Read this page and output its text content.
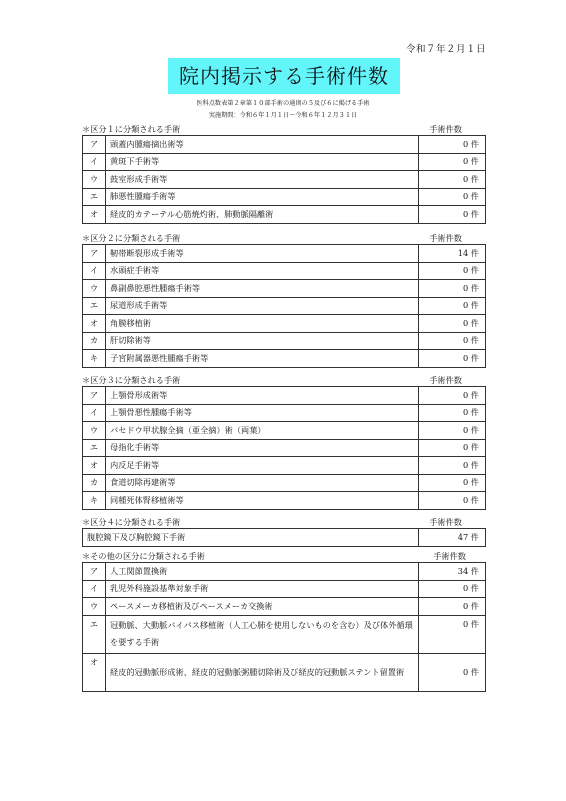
令和７年２月１日
院内掲示する手術件数
医科点数表第２章第１０部手術の通則の５及び６に掲げる手術
実施期間：令和６年１月１日〜令和６年１２月３１日
＊区分１に分類される手術	手術件数
ア	頭蓋内腫瘍摘出術等	0 件
イ	黄斑下手術等	0 件
ウ	鼓室形成手術等	0 件
エ	肺悪性腫瘍手術等	0 件
オ	経皮的カテーテル心筋焼灼術、肺動脈隔離術	0 件
＊区分２に分類される手術	手術件数
ア	靭帯断裂形成手術等	14 件
イ	水頭症手術等	0 件
ウ	鼻副鼻腔悪性腫瘍手術等	0 件
エ	尿道形成手術等	0 件
オ	角膜移植術	0 件
カ	肝切除術等	0 件
キ	子宮附属器悪性腫瘍手術等	0 件
＊区分３に分類される手術	手術件数
ア	上顎骨形成術等	0 件
イ	上顎骨悪性腫瘍手術等	0 件
ウ	バセドウ甲状腺全摘（亜全摘）術（両葉）	0 件
エ	母指化手術等	0 件
オ	内反足手術等	0 件
カ	食道切除再建術等	0 件
キ	同種死体腎移植術等	0 件
＊区分４に分類される手術	手術件数
腹腔鏡下及び胸腔鏡下手術	47 件
＊その他の区分に分類される手術	手術件数
ア	人工関節置換術	34 件
イ	乳児外科施設基準対象手術	0 件
ウ	ペースメーカ移植術及びペースメーカ交換術	0 件
エ	冠動脈、大動脈バイパス移植術（人工心肺を使用しないものを含む）及び体外循環を要する手術	0 件
オ	経皮的冠動脈形成術、経皮的冠動脈粥腫切除術及び経皮的冠動脈ステント留置術	0 件
